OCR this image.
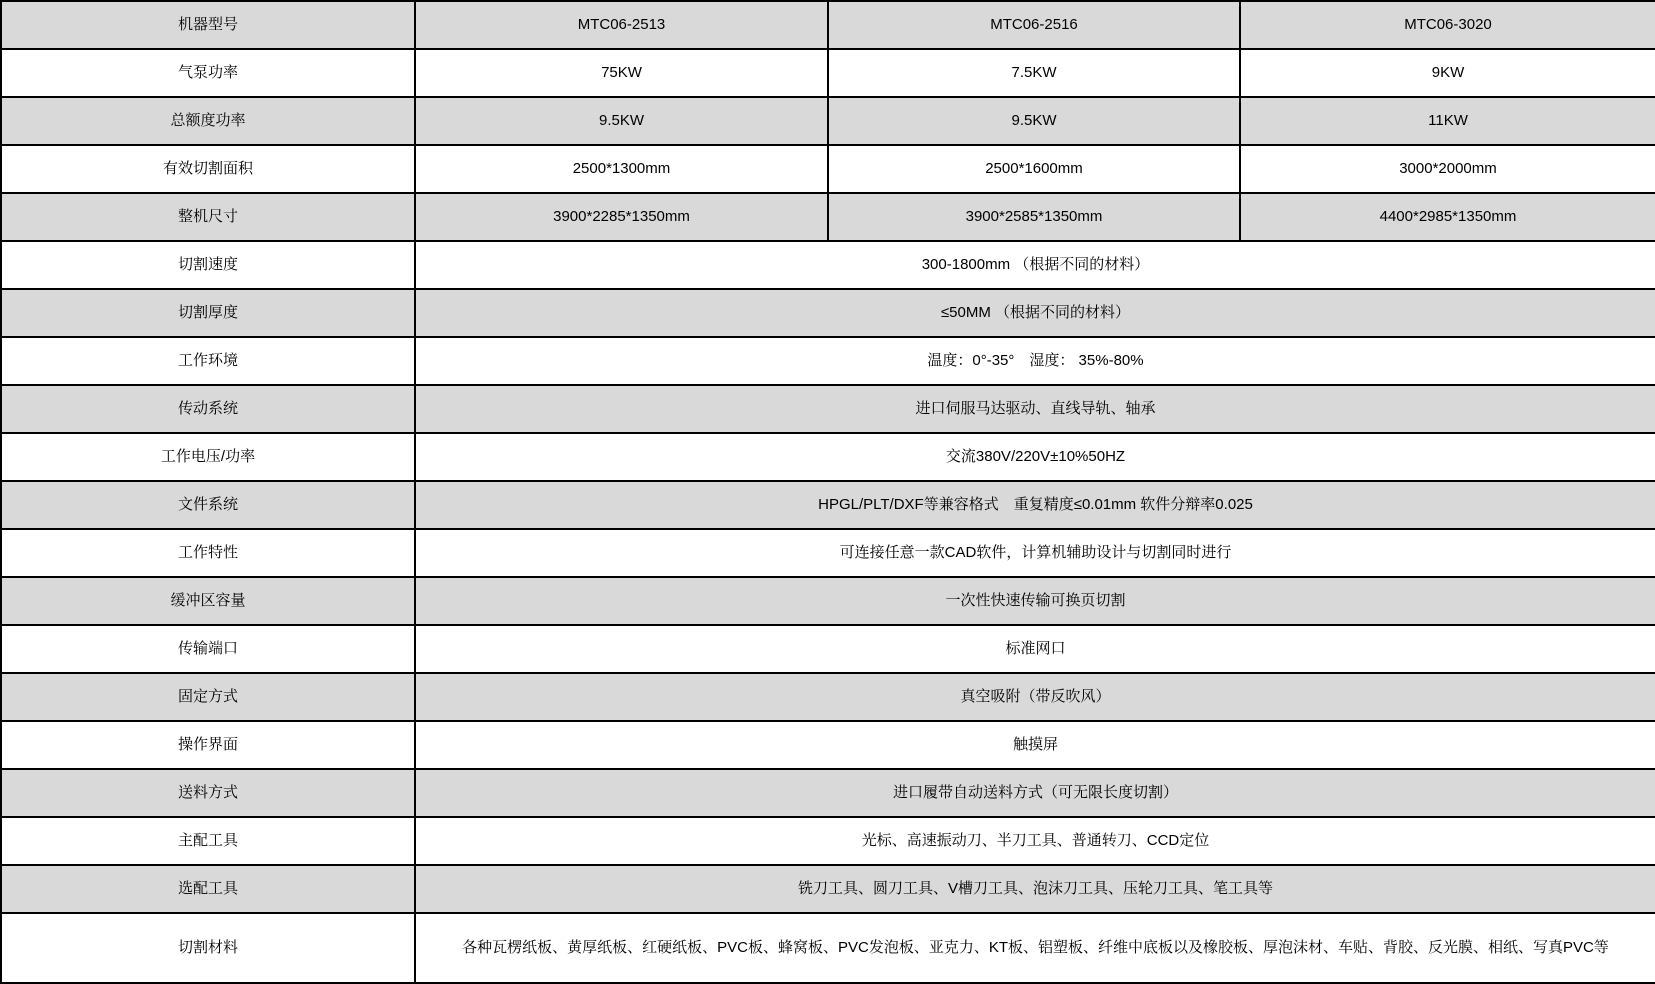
机器型号	MTC06-2513	MTC06-2516	MTC06-3020
气泵功率	75KW	7.5KW	9KW
总额度功率	9.5KW	9.5KW	11KW
有效切割面积	2500*1300mm	2500*1600mm	3000*2000mm
整机尺寸	3900*2285*1350mm	3900*2585*1350mm	4400*2985*1350mm
切割速度	300-1800mm （根据不同的材料）		
切割厚度	≤50MM （根据不同的材料）		
工作环境	温度：0°-35°　湿度： 35%-80%		
传动系统	进口伺服马达驱动、直线导轨、轴承		
工作电压/功率	交流380V/220V±10%50HZ		
文件系统	HPGL/PLT/DXF等兼容格式　重复精度≤0.01mm 软件分辩率0.025		
工作特性	可连接任意一款CAD软件，计算机辅助设计与切割同时进行		
缓冲区容量	一次性快速传输可换页切割		
传输端口	标准网口		
固定方式	真空吸附（带反吹风）		
操作界面	触摸屏		
送料方式	进口履带自动送料方式（可无限长度切割）		
主配工具	光标、高速振动刀、半刀工具、普通转刀、CCD定位		
选配工具	铣刀工具、圆刀工具、V槽刀工具、泡沫刀工具、压轮刀工具、笔工具等		
切割材料	各种瓦楞纸板、黄厚纸板、红硬纸板、PVC板、蜂窝板、PVC发泡板、亚克力、KT板、铝塑板、纤维中底板以及橡胶板、厚泡沫材、车贴、背胶、反光膜、相纸、写真PVC等		
